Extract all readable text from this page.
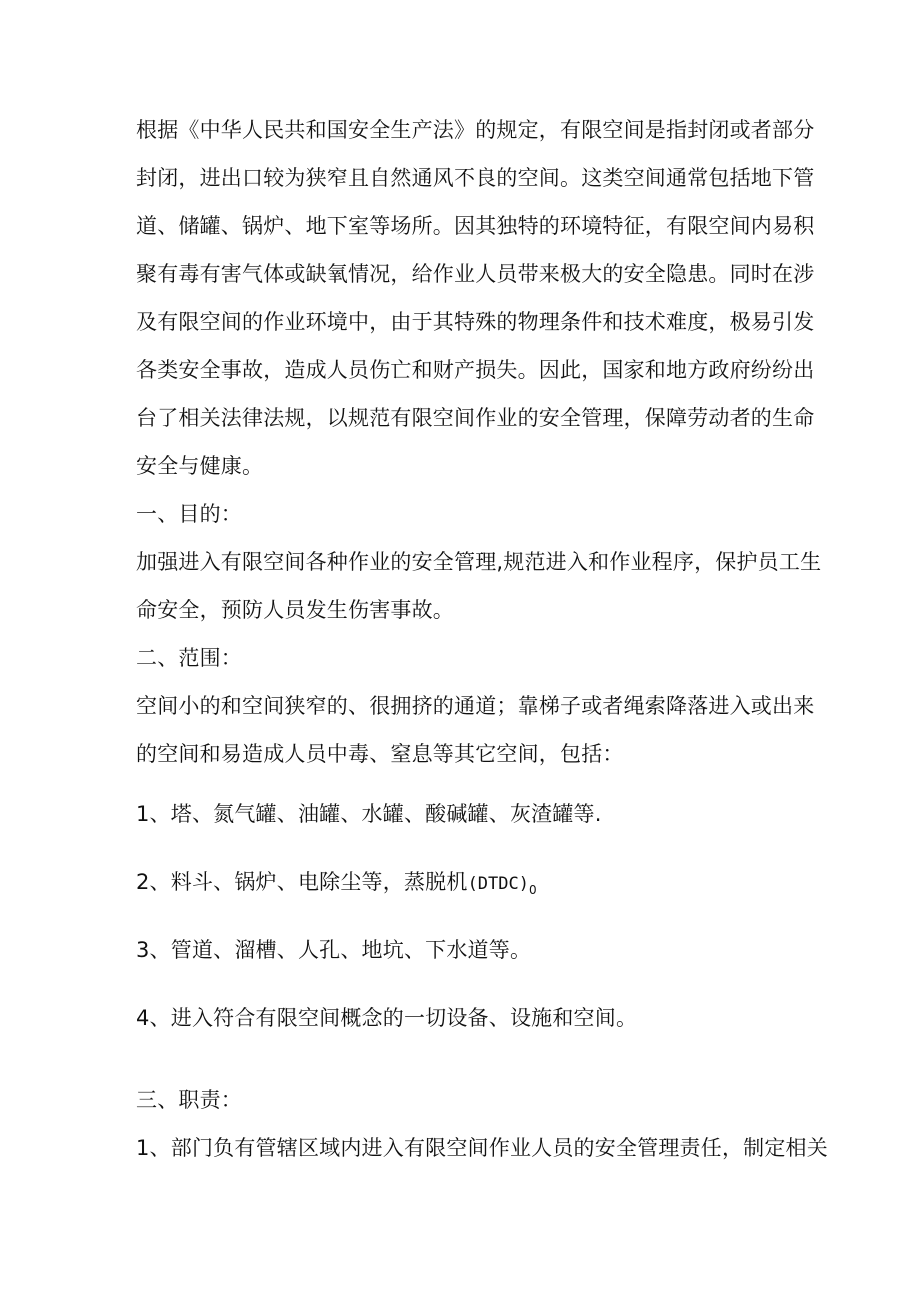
根据《中华人民共和国安全生产法》的规定，有限空间是指封闭或者部分
封闭，进出口较为狭窄且自然通风不良的空间。这类空间通常包括地下管
道、储罐、锅炉、地下室等场所。因其独特的环境特征，有限空间内易积
聚有毒有害气体或缺氧情况，给作业人员带来极大的安全隐患。同时在涉
及有限空间的作业环境中，由于其特殊的物理条件和技术难度，极易引发
各类安全事故，造成人员伤亡和财产损失。因此，国家和地方政府纷纷出
台了相关法律法规，以规范有限空间作业的安全管理，保障劳动者的生命
安全与健康。
一、目的：
加强进入有限空间各种作业的安全管理,规范进入和作业程序，保护员工生
命安全，预防人员发生伤害事故。
二、范围：
空间小的和空间狭窄的、很拥挤的通道；靠梯子或者绳索降落进入或出来
的空间和易造成人员中毒、窒息等其它空间，包括：
1、塔、氮气罐、油罐、水罐、酸碱罐、灰渣罐等.
2、料斗、锅炉、电除尘等，蒸脱机$(DTDC)_0$
3、管道、溜槽、人孔、地坑、下水道等。
4、进入符合有限空间概念的一切设备、设施和空间。
三、职责：
1、部门负有管辖区域内进入有限空间作业人员的安全管理责任，制定相关
